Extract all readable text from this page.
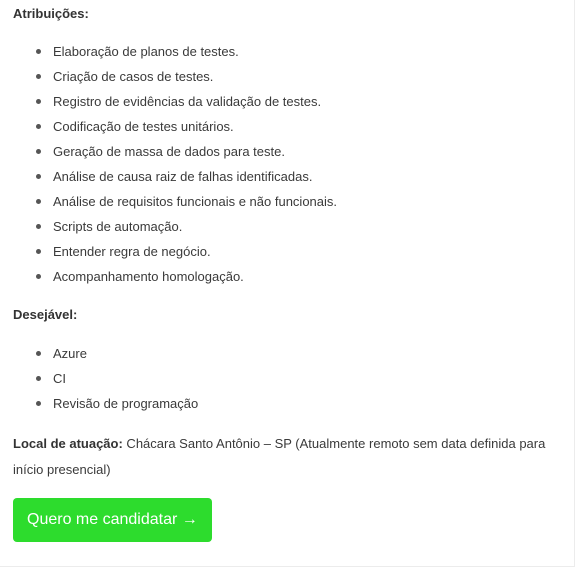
Atribuições:

Elaboração de planos de testes.
Criação de casos de testes.
Registro de evidências da validação de testes.
Codificação de testes unitários.
Geração de massa de dados para teste.
Análise de causa raiz de falhas identificadas.
Análise de requisitos funcionais e não funcionais.
Scripts de automação.
Entender regra de negócio.
Acompanhamento homologação.

Desejável:

Azure
CI
Revisão de programação
Local de atuação: Chácara Santo Antônio – SP (Atualmente remoto sem data definida para início presencial)
Quero me candidatar →
